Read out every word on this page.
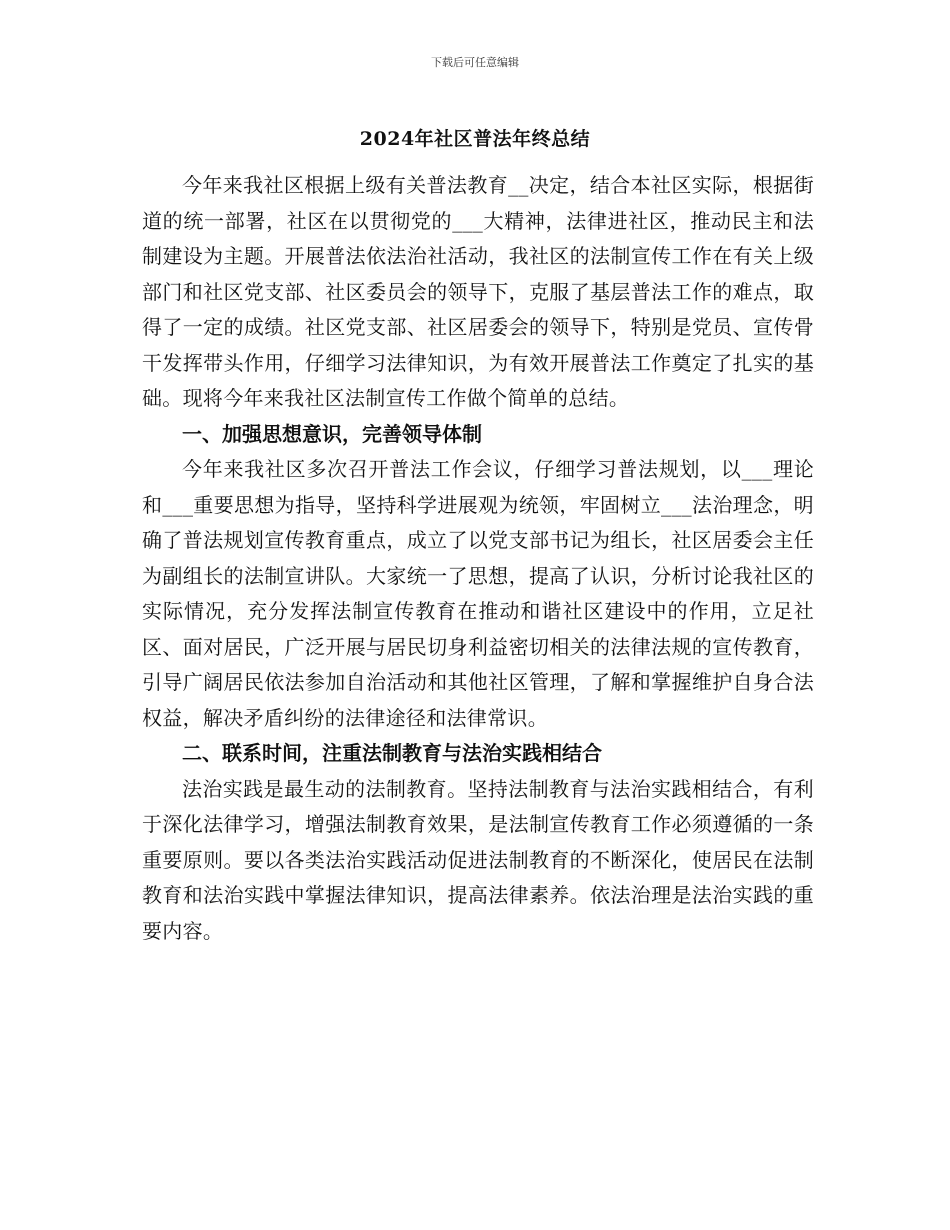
下载后可任意编辑
2024年社区普法年终总结

今年来我社区根据上级有关普法教育__决定，结合本社区实际，根据街道的统一部署，社区在以贯彻党的___大精神，法律进社区，推动民主和法制建设为主题。开展普法依法治社活动，我社区的法制宣传工作在有关上级部门和社区党支部、社区委员会的领导下，克服了基层普法工作的难点，取得了一定的成绩。社区党支部、社区居委会的领导下，特别是党员、宣传骨干发挥带头作用，仔细学习法律知识，为有效开展普法工作奠定了扎实的基础。现将今年来我社区法制宣传工作做个简单的总结。

一、加强思想意识，完善领导体制

今年来我社区多次召开普法工作会议，仔细学习普法规划，以___理论和___重要思想为指导，坚持科学进展观为统领，牢固树立___法治理念，明确了普法规划宣传教育重点，成立了以党支部书记为组长，社区居委会主任为副组长的法制宣讲队。大家统一了思想，提高了认识，分析讨论我社区的实际情况，充分发挥法制宣传教育在推动和谐社区建设中的作用，立足社区、面对居民，广泛开展与居民切身利益密切相关的法律法规的宣传教育，引导广阔居民依法参加自治活动和其他社区管理，了解和掌握维护自身合法权益，解决矛盾纠纷的法律途径和法律常识。

二、联系时间，注重法制教育与法治实践相结合

法治实践是最生动的法制教育。坚持法制教育与法治实践相结合，有利于深化法律学习，增强法制教育效果，是法制宣传教育工作必须遵循的一条重要原则。要以各类法治实践活动促进法制教育的不断深化，使居民在法制教育和法治实践中掌握法律知识，提高法律素养。依法治理是法治实践的重要内容。
